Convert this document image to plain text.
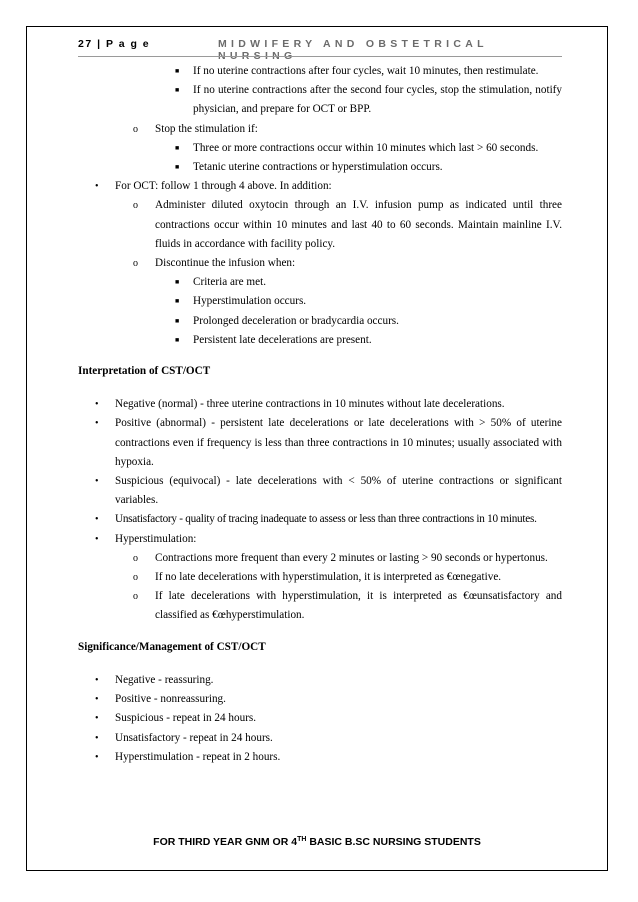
27 | P a g e	MIDWIFERY AND OBSTETRICAL NURSING
■ If no uterine contractions after four cycles, wait 10 minutes, then restimulate.
■ If no uterine contractions after the second four cycles, stop the stimulation, notify physician, and prepare for OCT or BPP.
o Stop the stimulation if:
■ Three or more contractions occur within 10 minutes which last > 60 seconds.
■ Tetanic uterine contractions or hyperstimulation occurs.
• For OCT: follow 1 through 4 above. In addition:
o Administer diluted oxytocin through an I.V. infusion pump as indicated until three contractions occur within 10 minutes and last 40 to 60 seconds. Maintain mainline I.V. fluids in accordance with facility policy.
o Discontinue the infusion when:
■ Criteria are met.
■ Hyperstimulation occurs.
■ Prolonged deceleration or bradycardia occurs.
■ Persistent late decelerations are present.
Interpretation of CST/OCT
• Negative (normal) - three uterine contractions in 10 minutes without late decelerations.
• Positive (abnormal) - persistent late decelerations or late decelerations with > 50% of uterine contractions even if frequency is less than three contractions in 10 minutes; usually associated with hypoxia.
• Suspicious (equivocal) - late decelerations with < 50% of uterine contractions or significant variables.
• Unsatisfactory - quality of tracing inadequate to assess or less than three contractions in 10 minutes.
• Hyperstimulation:
o Contractions more frequent than every 2 minutes or lasting > 90 seconds or hypertonus.
o If no late decelerations with hyperstimulation, it is interpreted as €œnegative.
o If late decelerations with hyperstimulation, it is interpreted as €œunsatisfactory and classified as €œhyperstimulation.
Significance/Management of CST/OCT
• Negative - reassuring.
• Positive - nonreassuring.
• Suspicious - repeat in 24 hours.
• Unsatisfactory - repeat in 24 hours.
• Hyperstimulation - repeat in 2 hours.
FOR THIRD YEAR GNM OR 4TH BASIC B.SC NURSING STUDENTS
